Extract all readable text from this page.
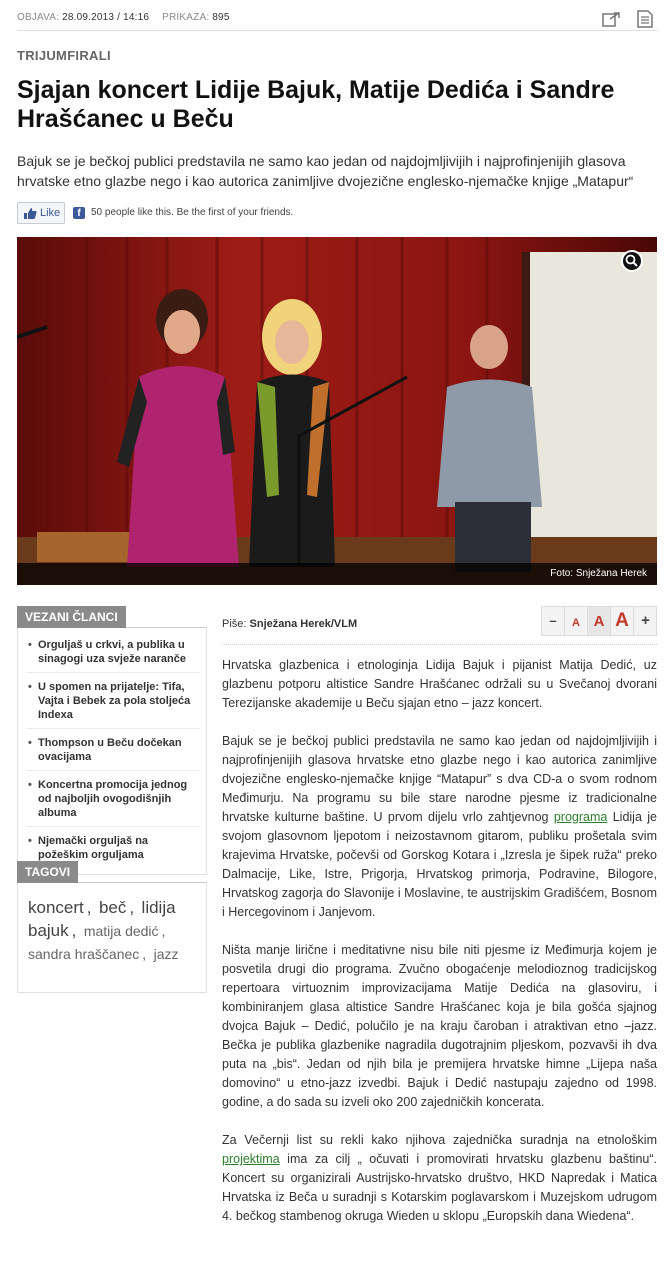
OBJAVA: 28.09.2013 / 14:16 PRIKAZA: 895

TRIJUMFIRALI
Sjajan koncert Lidije Bajuk, Matije Dedića i Sandre Hrašćanec u Beču
Bajuk se je bečkoj publici predstavila ne samo kao jedan od najdojmljivijih i najprofinjenijih glasova hrvatske etno glazbe nego i kao autorica zanimljive dvojezične englesko-njemačke knjige „Matapur“
Like	f	50 people like this. Be the first of your friends.
Foto: Snježana Herek
VEZANI ČLANCI
• Orguljaš u crkvi, a publika u sinagogi uza svježe naranče
• U spomen na prijatelje: Tifa, Vajta i Bebek za pola stoljeća Indexa
• Thompson u Beču dočekan ovacijama
• Koncertna promocija jednog od najboljih ovogodišnjih albuma
• Njemački orguljaš na požeškim orguljama
TAGOVI
koncert , beč , lidija bajuk , matija dedić , sandra hraščanec , jazz
Piše: Snježana Herek/VLM	–	A A A +

Hrvatska glazbenica i etnologinja Lidija Bajuk i pijanist Matija Dedić, uz glazbenu potporu altistice Sandre Hrašćanec održali su u Svečanoj dvorani Terezijanske akademije u Beču sjajan etno – jazz koncert.

Bajuk se je bečkoj publici predstavila ne samo kao jedan od najdojmljivijih i najprofinjenijih glasova hrvatske etno glazbe nego i kao autorica zanimljive dvojezične englesko-njemačke knjige “Matapur” s dva CD-a o svom rodnom Međimurju. Na programu su bile stare narodne pjesme iz tradicionalne hrvatske kulturne baštine. U prvom dijelu vrlo zahtjevnog programa Lidija je svojom glasovnom ljepotom i neizostavnom gitarom, publiku prošetala svim krajevima Hrvatske, počevši od Gorskog Kotara i „Izresla je šipek ruža“ preko Dalmacije, Like, Istre, Prigorja, Hrvatskog primorja, Podravine, Bilogore, Hrvatskog zagorja do Slavonije i Moslavine, te austrijskim Gradišćem, Bosnom i Hercegovinom i Janjevom.

Ništa manje lirične i meditativne nisu bile niti pjesme iz Međimurja kojem je posvetila drugi dio programa. Zvučno obogaćenje melodioznog tradicijskog repertoara virtuoznim improvizacijama Matije Dedića na glasoviru, i kombiniranjem glasa altistice Sandre Hrašćanec koja je bila gošća sjajnog dvojca Bajuk – Dedić, polučilo je na kraju čaroban i atraktivan etno –jazz. Bečka je publika glazbenike nagradila dugotrajnim pljeskom, pozvavši ih dva puta na „bis“. Jedan od njih bila je premijera hrvatske himne „Lijepa naša domovino“ u etno-jazz izvedbi. Bajuk i Dedić nastupaju zajedno od 1998. godine, a do sada su izveli oko 200 zajedničkih koncerata.

Za Večernji list su rekli kako njihova zajednička suradnja na etnološkim projektima ima za cilj „ očuvati i promovirati hrvatsku glazbenu baštinu“. Koncert su organizirali Austrijsko-hrvatsko društvo, HKD Napredak i Matica Hrvatska iz Beča u suradnji s Kotarskim poglavarskom i Muzejskom udrugom 4. bečkog stambenog okruga Wieden u sklopu „Europskih dana Wiedena“.
